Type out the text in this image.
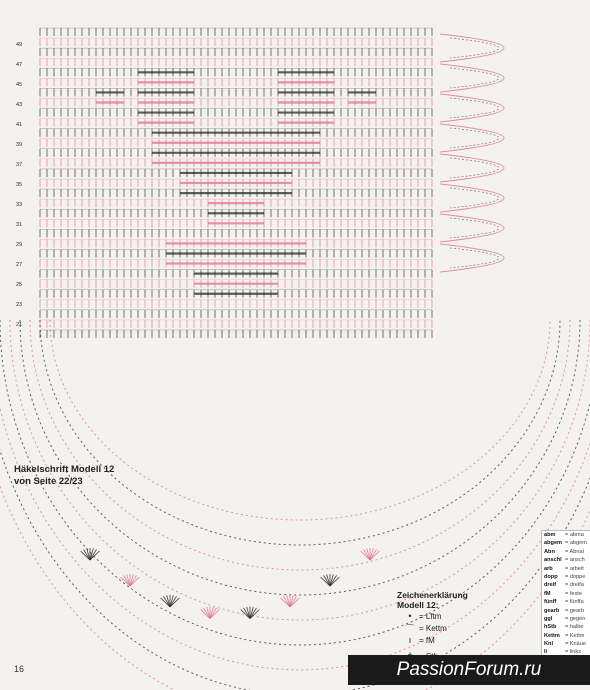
49
47
45
43
41
39
37
35
33
31
29
27
25
23
21
Häkelschrift Modell 12
von Seite 22/23
Zeichenerklärung
Modell 12:
• = Lftm
⌒ = Kettm
ı = fM
abm	= abma
abgem = abgem
Abn	= Abnal
anschl = ansch
arb	= arbeit
dopp	= doppe
dreif	= dreifa
fM	= feste
fünff	= fünffa
gearb	= gearb
ggl	= gegen
hStb	= halbe
Kettm = Kettm
Knl	= Knäue
li	= links
16	PassionForum.ru
